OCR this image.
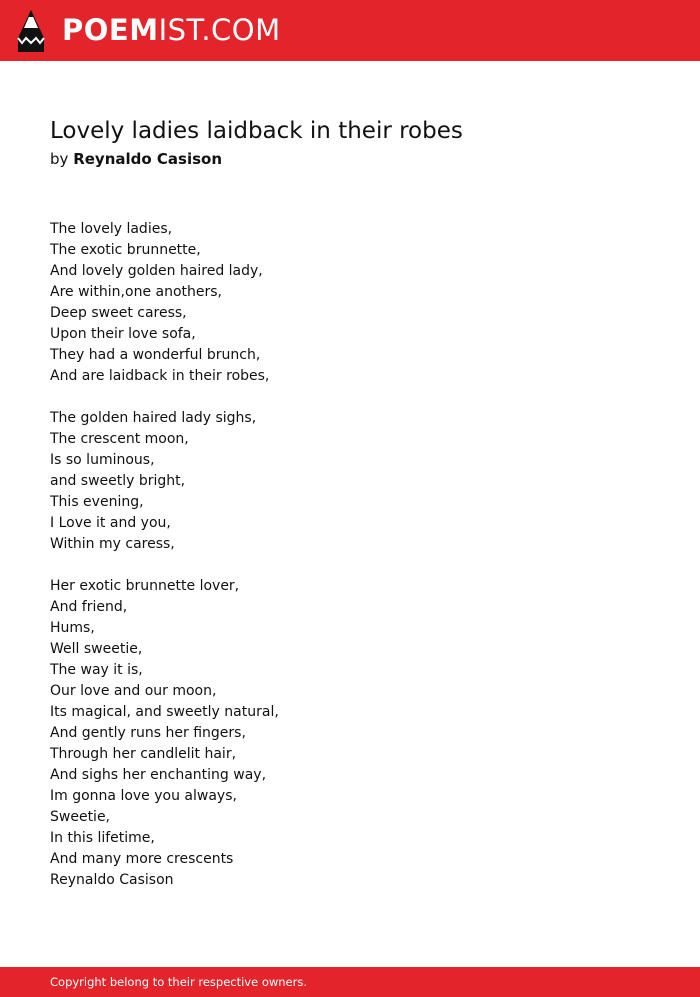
POEMIST.COM
Lovely ladies laidback in their robes
by Reynaldo Casison
The lovely ladies,
The exotic brunnette,
And lovely golden haired lady,
Are within,one anothers,
Deep sweet caress,
Upon their love sofa,
They had a wonderful brunch,
And are laidback in their robes,
The golden haired lady sighs,
The crescent moon,
Is so luminous,
and sweetly bright,
This evening,
I Love it and you,
Within my caress,
Her exotic brunnette lover,
And friend,
Hums,
Well sweetie,
The way it is,
Our love and our moon,
Its magical, and sweetly natural,
And gently runs her fingers,
Through her candlelit hair,
And sighs her enchanting way,
Im gonna love you always,
Sweetie,
In this lifetime,
And many more crescents
Reynaldo Casison
Copyright belong to their respective owners.
